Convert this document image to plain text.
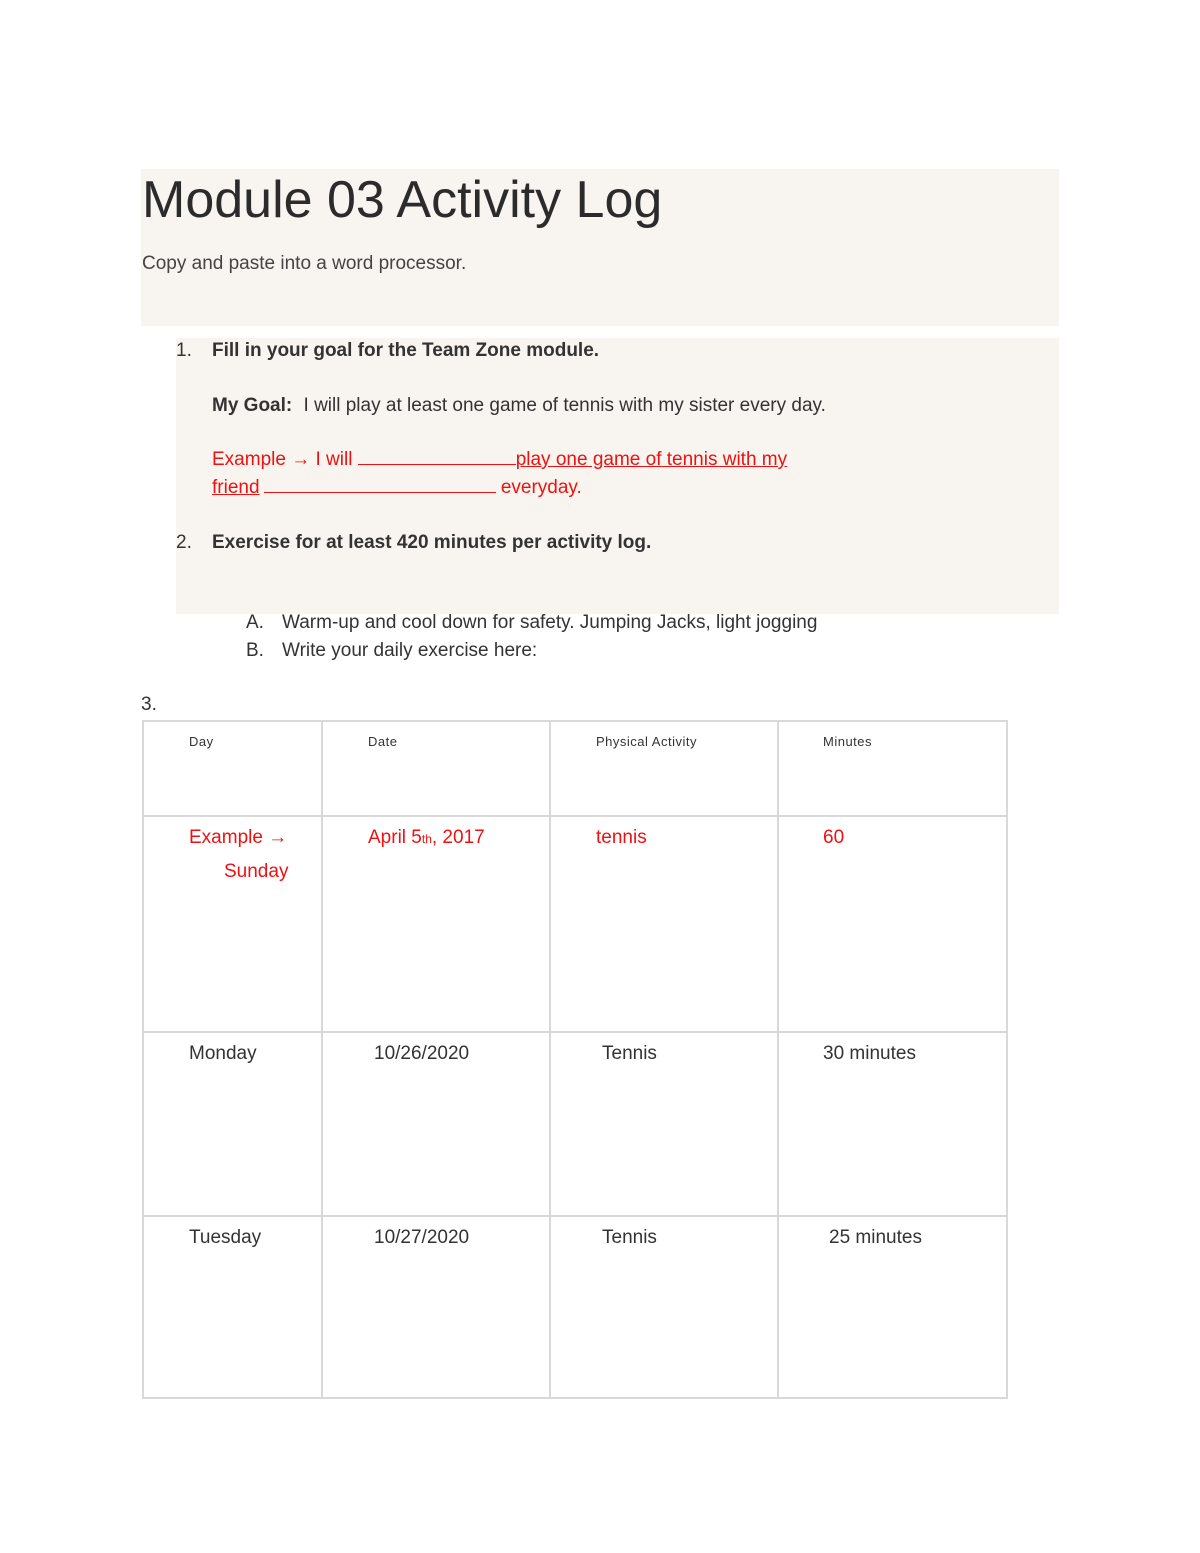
Module 03 Activity Log
Copy and paste into a word processor.
1. Fill in your goal for the Team Zone module.
My Goal: I will play at least one game of tennis with my sister every day.
Example → I will	play one game of tennis with my
friend	everyday.
2. Exercise for at least 420 minutes per activity log.
A. Warm-up and cool down for safety. Jumping Jacks, light jogging
B. Write your daily exercise here:
3.
Day	Date	Physical Activity	Minutes

Example →
Sunday	April 5th, 2017	tennis	60

Monday	10/26/2020	Tennis	30 minutes

Tuesday	10/27/2020	Tennis	25 minutes
